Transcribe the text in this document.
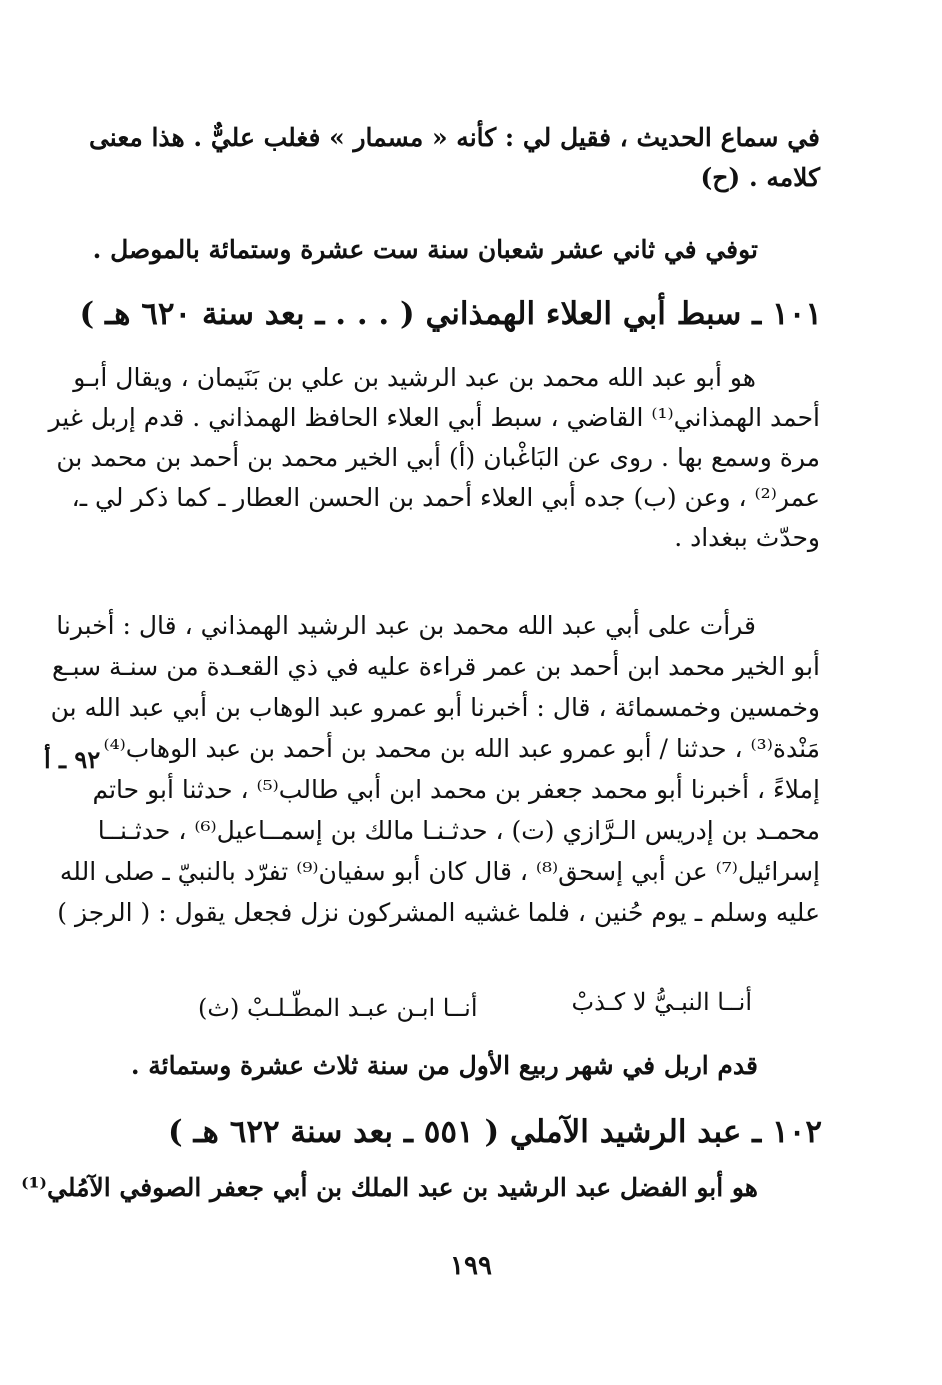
في سماع الحديث ، فقيل لي : كأنه « مسمار » فغلب عليٌّ . هذا معنى
كلامه . (ح)
توفي في ثاني عشر شعبان سنة ست عشرة وستمائة بالموصل .
١٠١ ـ سبط أبي العلاء الهمذاني ( . . . ـ بعد سنة ٦٢٠ هـ )
هو أبو عبد الله محمد بن عبد الرشيد بن علي بن بَنَيمان ، ويقال أبـو
أحمد الهمذاني⁽¹⁾ القاضي ، سبط أبي العلاء الحافظ الهمذاني . قدم إربل غير
مرة وسمع بها . روى عن البَاغْبان (أ) أبي الخير محمد بن أحمد بن محمد بن
عمر⁽²⁾ ، وعن (ب) جده أبي العلاء أحمد بن الحسن العطار ـ كما ذكر لي ـ،
وحدّث ببغداد .
قرأت على أبي عبد الله محمد بن عبد الرشيد الهمذاني ، قال : أخبرنا
أبو الخير محمد ابن أحمد بن عمر قراءة عليه في ذي القعـدة من سنـة سبـع
وخمسين وخمسمائة ، قال : أخبرنا أبو عمرو عبد الوهاب بن أبي عبد الله بن
مَنْدة⁽³⁾ ، حدثنا / أبو عمرو عبد الله بن محمد بن أحمد بن عبد الوهاب⁽⁴⁾
إملاءً ، أخبرنا أبو محمد جعفر بن محمد ابن أبي طالب⁽⁵⁾ ، حدثنا أبو حاتم
محمـد بن إدريس الـرَّازي (ت) ، حدثـنـا مالك بن إسمــاعيل⁽⁶⁾ ، حدثـنــا
إسرائيل⁽⁷⁾ عن أبي إسحق⁽⁸⁾ ، قال كان أبو سفيان⁽⁹⁾ تفرّد بالنبيّ ـ صلى الله
عليه وسلم ـ يوم حُنين ، فلما غشيه المشركون نزل فجعل يقول : ( الرجز )
٩٢ ـ أ
أنــا النبـيُّ لا كـذبْ
أنــا ابـن عبـد المطّـلـبْ (ث)
قدم اربل في شهر ربيع الأول من سنة ثلاث عشرة وستمائة .
١٠٢ ـ عبد الرشيد الآملي ( ٥٥١ ـ بعد سنة ٦٢٢ هـ )
هو أبو الفضل عبد الرشيد بن عبد الملك بن أبي جعفر الصوفي الآمُلي⁽¹⁾
١٩٩
